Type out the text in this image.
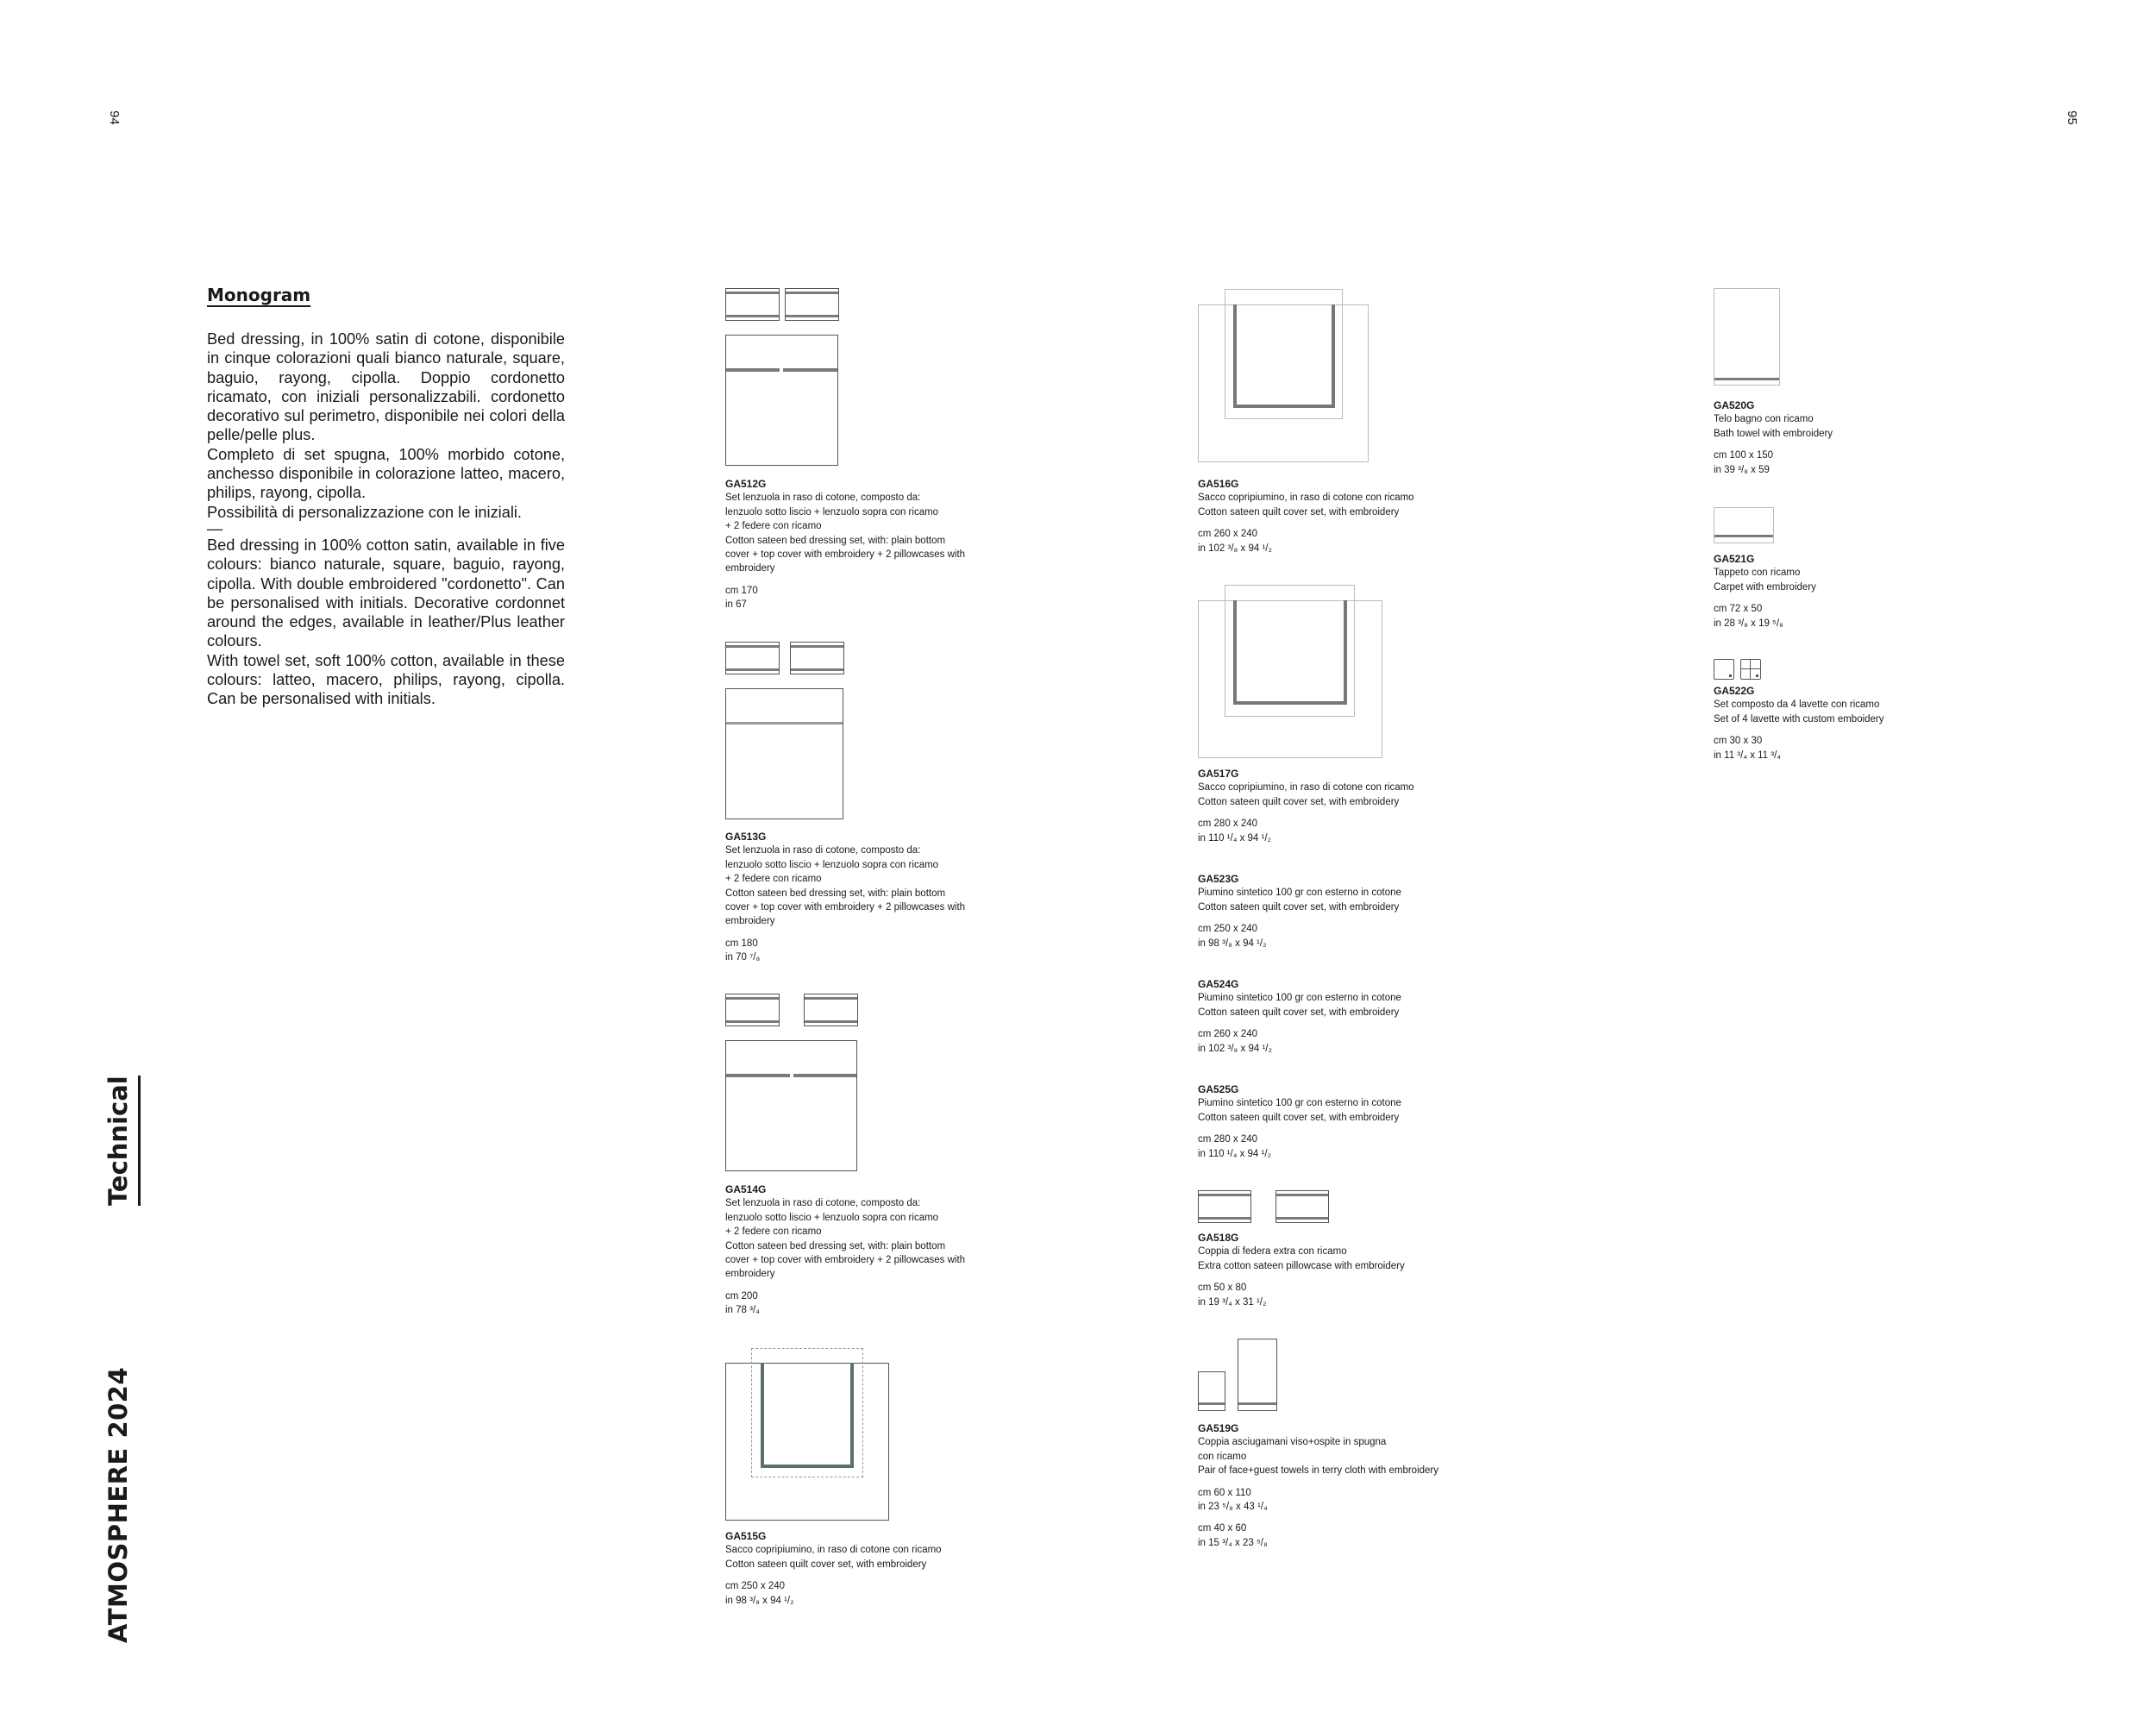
94	95
ATMOSPHERE 2024
Technical
Monogram

Bed dressing, in 100% satin di cotone, disponibile in cinque colorazioni quali bianco naturale, square, baguio, rayong, cipolla. Doppio cordonetto ricamato, con iniziali personalizzabili. cordonetto decorativo sul perimetro, disponibile nei colori della pelle/pelle plus.

Completo di set spugna, 100% morbido cotone, anchesso disponibile in colorazione latteo, macero, philips, rayong, cipolla.

Possibilità di personalizzazione con le iniziali.

—

Bed dressing in 100% cotton satin, available in five colours: bianco naturale, square, baguio, rayong, cipolla. With double embroidered "cordonetto". Can be personalised with initials. Decorative cordonnet around the edges, available in leather/Plus leather colours.

With towel set, soft 100% cotton, available in these colours: latteo, macero, philips, rayong, cipolla. Can be personalised with initials.

GA512G
Set lenzuola in raso di cotone, composto da:
lenzuolo sotto liscio + lenzuolo sopra con ricamo
+ 2 federe con ricamo
Cotton sateen bed dressing set, with: plain bottom
cover + top cover with embroidery + 2 pillowcases with
embroidery
cm 170
in 67
GA513G
Set lenzuola in raso di cotone, composto da:
lenzuolo sotto liscio + lenzuolo sopra con ricamo
+ 2 federe con ricamo
Cotton sateen bed dressing set, with: plain bottom
cover + top cover with embroidery + 2 pillowcases with
embroidery
cm 180
in 70 ⁷/₈
GA514G
Set lenzuola in raso di cotone, composto da:
lenzuolo sotto liscio + lenzuolo sopra con ricamo
+ 2 federe con ricamo
Cotton sateen bed dressing set, with: plain bottom
cover + top cover with embroidery + 2 pillowcases with
embroidery
cm 200
in 78 ³/₄
GA515G
Sacco copripiumino, in raso di cotone con ricamo
Cotton sateen quilt cover set, with embroidery
cm 250 x 240
in 98 ³/₈ x 94 ¹/₂
GA516G
Sacco copripiumino, in raso di cotone con ricamo
Cotton sateen quilt cover set, with embroidery
cm 260 x 240
in 102 ³/₈ x 94 ¹/₂
GA517G
Sacco copripiumino, in raso di cotone con ricamo
Cotton sateen quilt cover set, with embroidery
cm 280 x 240
in 110 ¹/₄ x 94 ¹/₂
GA523G
Piumino sintetico 100 gr con esterno in cotone
Cotton sateen quilt cover set, with embroidery
cm 250 x 240
in 98 ³/₈ x 94 ¹/₂
GA524G
Piumino sintetico 100 gr con esterno in cotone
Cotton sateen quilt cover set, with embroidery
cm 260 x 240
in 102 ³/₈ x 94 ¹/₂
GA525G
Piumino sintetico 100 gr con esterno in cotone
Cotton sateen quilt cover set, with embroidery
cm 280 x 240
in 110 ¹/₄ x 94 ¹/₂
GA518G
Coppia di federa extra con ricamo
Extra cotton sateen pillowcase with embroidery
cm 50 x 80
in 19 ³/₄ x 31 ¹/₂
GA519G
Coppia asciugamani viso+ospite in spugna
con ricamo
Pair of face+guest towels in terry cloth with embroidery
cm 60 x 110
in 23 ⁵/₈ x 43 ¹/₄
cm 40 x 60
in 15 ³/₄ x 23 ⁵/₈
GA520G
Telo bagno con ricamo
Bath towel with embroidery
cm 100 x 150
in 39 ³/₈ x 59
GA521G
Tappeto con ricamo
Carpet with embroidery
cm 72 x 50
in 28 ³/₈ x 19 ⁵/₈
GA522G
Set composto da 4 lavette con ricamo
Set of 4 lavette with custom emboidery
cm 30 x 30
in 11 ³/₄ x 11 ³/₄
